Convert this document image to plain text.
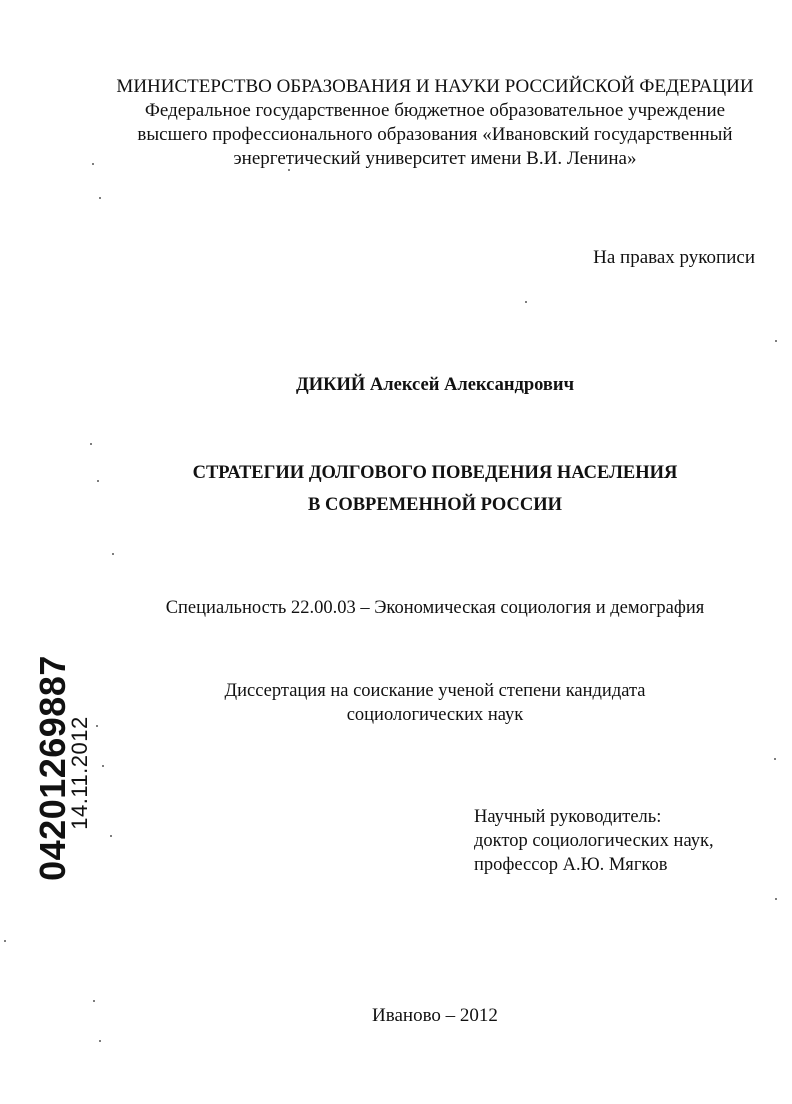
МИНИСТЕРСТВО ОБРАЗОВАНИЯ И НАУКИ РОССИЙСКОЙ ФЕДЕРАЦИИ
Федеральное государственное бюджетное образовательное учреждение
высшего профессионального образования «Ивановский государственный
энергетический университет имени В.И. Ленина»
На правах рукописи
ДИКИЙ Алексей Александрович
СТРАТЕГИИ ДОЛГОВОГО ПОВЕДЕНИЯ НАСЕЛЕНИЯ
В СОВРЕМЕННОЙ РОССИИ
Специальность 22.00.03 – Экономическая социология и демография
Диссертация на соискание ученой степени кандидата
социологических наук
Научный руководитель:
доктор социологических наук,
профессор А.Ю. Мягков
Иваново – 2012
04201269887
14.11.2012
